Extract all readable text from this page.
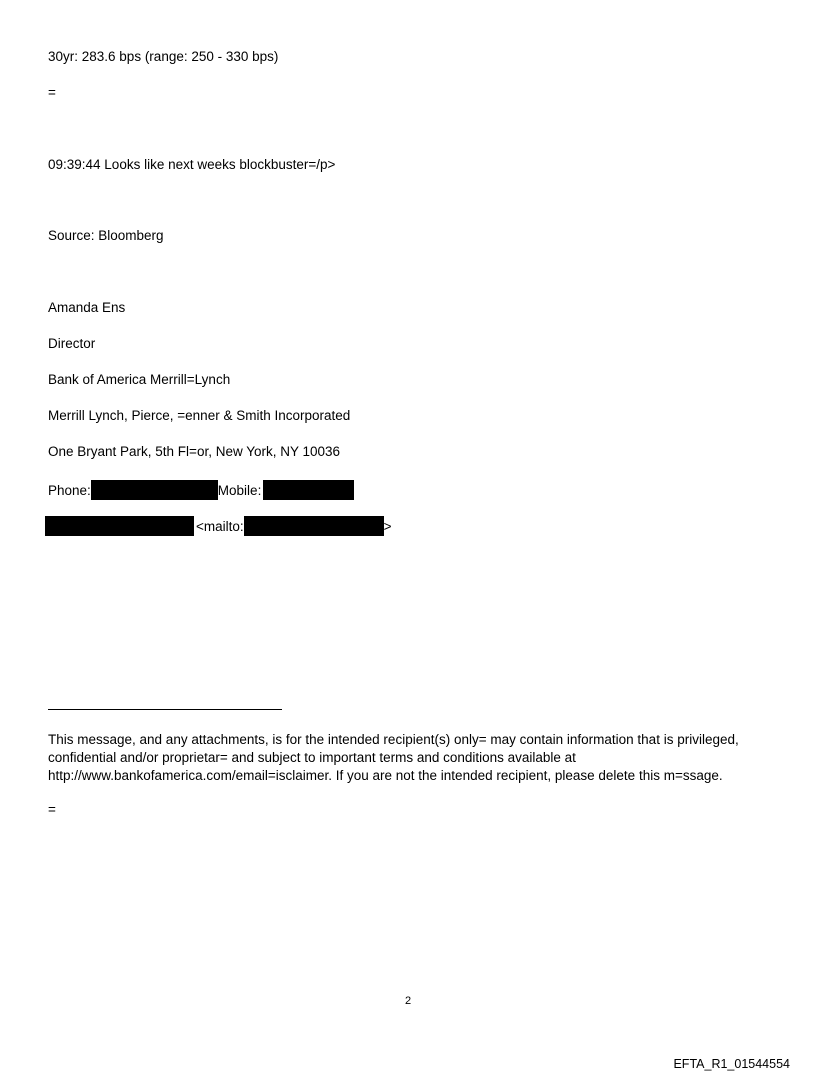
30yr: 283.6 bps (range: 250 - 330 bps)
=
09:39:44 Looks like next weeks blockbuster=/p>
Source: Bloomberg
Amanda Ens
Director
Bank of America Merrill=Lynch
Merrill Lynch, Pierce, =enner & Smith Incorporated
One Bryant Park, 5th Fl=or, New York, NY 10036
Phone:	Mobile:
<mailto:	>
This message, and any attachments, is for the intended recipient(s) only= may contain information that is privileged, confidential and/or proprietar= and subject to important terms and conditions available at http://www.bankofamerica.com/email=isclaimer. If you are not the intended recipient, please delete this m=ssage.
=
2
EFTA_R1_01544554
